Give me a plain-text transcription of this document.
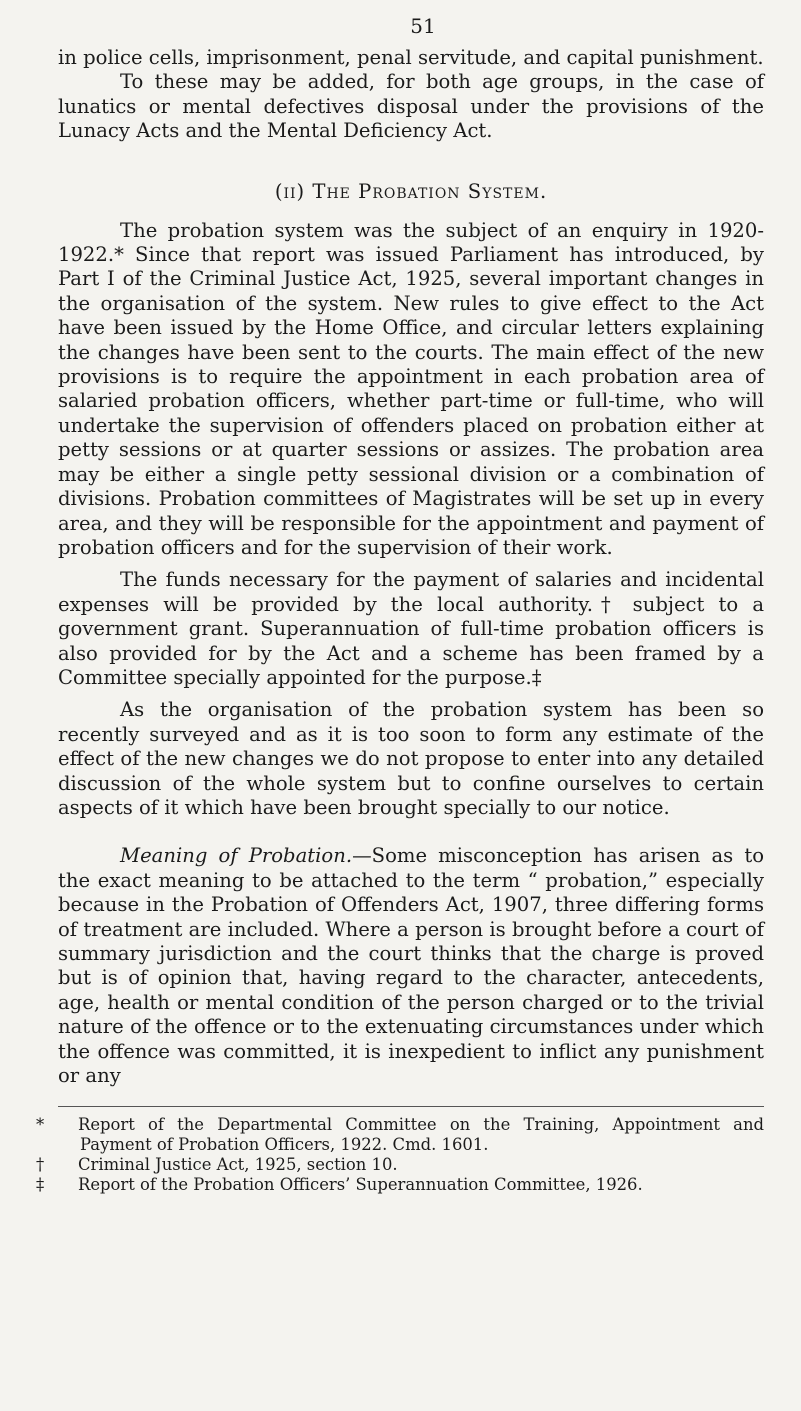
51

in police cells, imprisonment, penal servitude, and capital punishment.

To these may be added, for both age groups, in the case of lunatics or mental defectives disposal under the provisions of the Lunacy Acts and the Mental Deficiency Act.

(ii) The Probation System.

The probation system was the subject of an enquiry in 1920-1922.* Since that report was issued Parliament has introduced, by Part I of the Criminal Justice Act, 1925, several important changes in the organisation of the system. New rules to give effect to the Act have been issued by the Home Office, and circular letters explaining the changes have been sent to the courts. The main effect of the new provisions is to require the appointment in each probation area of salaried probation officers, whether part-time or full-time, who will undertake the supervision of offenders placed on probation either at petty sessions or at quarter sessions or assizes. The probation area may be either a single petty sessional division or a combination of divisions. Probation committees of Magistrates will be set up in every area, and they will be responsible for the appointment and payment of probation officers and for the supervision of their work.

The funds necessary for the payment of salaries and incidental expenses will be provided by the local authority.† subject to a government grant. Superannuation of full-time probation officers is also provided for by the Act and a scheme has been framed by a Committee specially appointed for the purpose.‡

As the organisation of the probation system has been so recently surveyed and as it is too soon to form any estimate of the effect of the new changes we do not propose to enter into any detailed discussion of the whole system but to confine ourselves to certain aspects of it which have been brought specially to our notice.

Meaning of Probation.—Some misconception has arisen as to the exact meaning to be attached to the term “ probation,” especially because in the Probation of Offenders Act, 1907, three differing forms of treatment are included. Where a person is brought before a court of summary jurisdiction and the court thinks that the charge is proved but is of opinion that, having regard to the character, antecedents, age, health or mental condition of the person charged or to the trivial nature of the offence or to the extenuating circumstances under which the offence was committed, it is inexpedient to inflict any punishment or any

* Report of the Departmental Committee on the Training, Appointment and Payment of Probation Officers, 1922. Cmd. 1601.

† Criminal Justice Act, 1925, section 10.

‡ Report of the Probation Officers’ Superannuation Committee, 1926.
